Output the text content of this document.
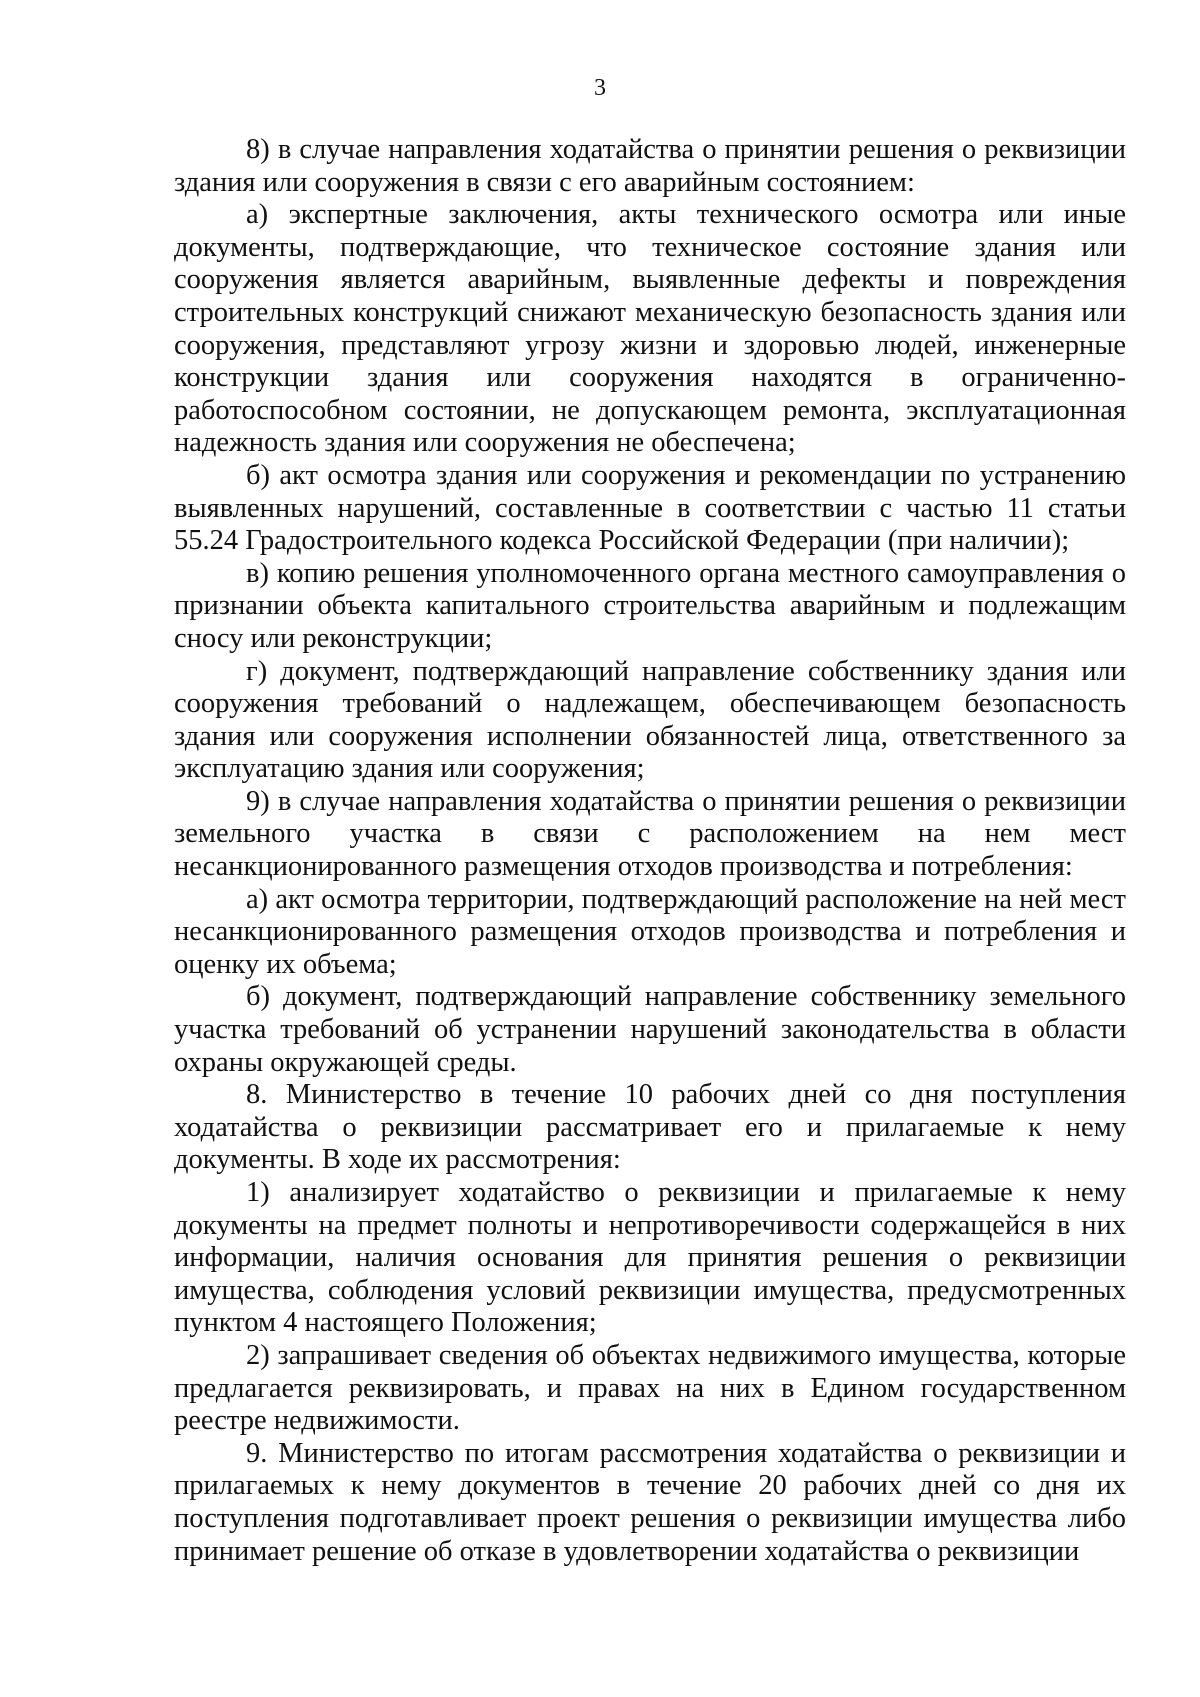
3

8) в случае направления ходатайства о принятии решения о реквизиции здания или сооружения в связи с его аварийным состоянием:

а) экспертные заключения, акты технического осмотра или иные документы, подтверждающие, что техническое состояние здания или сооружения является аварийным, выявленные дефекты и повреждения строительных конструкций снижают механическую безопасность здания или сооружения, представляют угрозу жизни и здоровью людей, инженерные конструкции здания или сооружения находятся в ограниченно-работоспособном состоянии, не допускающем ремонта, эксплуатационная надежность здания или сооружения не обеспечена;

б) акт осмотра здания или сооружения и рекомендации по устранению выявленных нарушений, составленные в соответствии с частью 11 статьи 55.24 Градостроительного кодекса Российской Федерации (при наличии);

в) копию решения уполномоченного органа местного самоуправления о признании объекта капитального строительства аварийным и подлежащим сносу или реконструкции;

г) документ, подтверждающий направление собственнику здания или сооружения требований о надлежащем, обеспечивающем безопасность здания или сооружения исполнении обязанностей лица, ответственного за эксплуатацию здания или сооружения;

9) в случае направления ходатайства о принятии решения о реквизиции земельного участка в связи с расположением на нем мест несанкционированного размещения отходов производства и потребления:

а) акт осмотра территории, подтверждающий расположение на ней мест несанкционированного размещения отходов производства и потребления и оценку их объема;

б) документ, подтверждающий направление собственнику земельного участка требований об устранении нарушений законодательства в области охраны окружающей среды.

8. Министерство в течение 10 рабочих дней со дня поступления ходатайства о реквизиции рассматривает его и прилагаемые к нему документы. В ходе их рассмотрения:

1) анализирует ходатайство о реквизиции и прилагаемые к нему документы на предмет полноты и непротиворечивости содержащейся в них информации, наличия основания для принятия решения о реквизиции имущества, соблюдения условий реквизиции имущества, предусмотренных пунктом 4 настоящего Положения;

2) запрашивает сведения об объектах недвижимого имущества, которые предлагается реквизировать, и правах на них в Едином государственном реестре недвижимости.

9. Министерство по итогам рассмотрения ходатайства о реквизиции и прилагаемых к нему документов в течение 20 рабочих дней со дня их поступления подготавливает проект решения о реквизиции имущества либо принимает решение об отказе в удовлетворении ходатайства о реквизиции
